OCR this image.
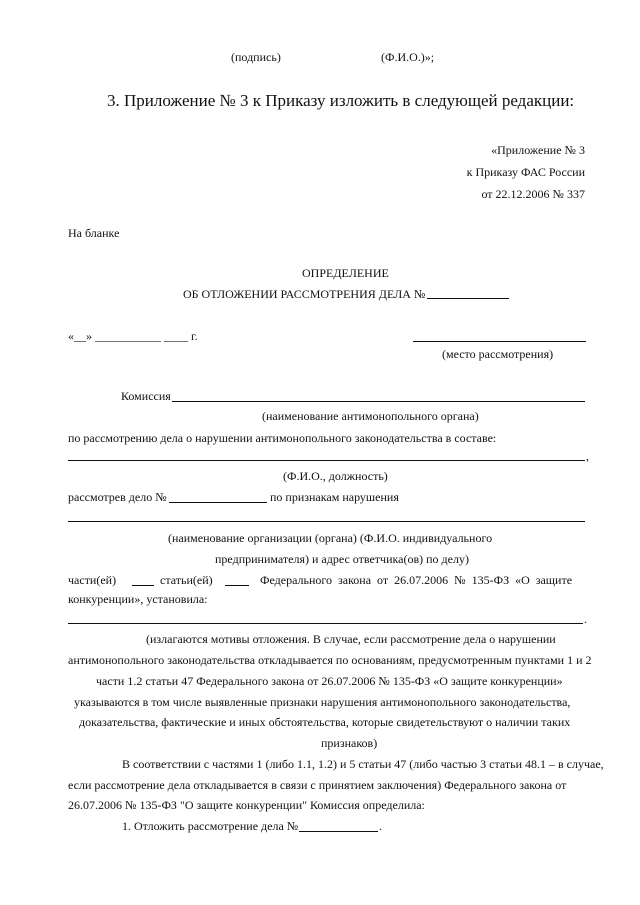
(подпись)	(Ф.И.О.)»;
3. Приложение № 3 к Приказу изложить в следующей редакции:
«Приложение № 3
к Приказу ФАС России
от 22.12.2006 № 337
На бланке
ОПРЕДЕЛЕНИЕ
ОБ ОТЛОЖЕНИИ РАССМОТРЕНИЯ ДЕЛА №
«__» ___________ ____ г.
(место рассмотрения)
Комиссия
(наименование антимонопольного органа)
по рассмотрению дела о нарушении антимонопольного законодательства в составе:
,
(Ф.И.О., должность)
рассмотрев дело №	по признакам нарушения
(наименование организации (органа) (Ф.И.О. индивидуального
предпринимателя) и адрес ответчика(ов) по делу)
части(ей)	статьи(ей)	Федерального закона от 26.07.2006 № 135-ФЗ «О защите
конкуренции», установила:
.
(излагаются мотивы отложения. В случае, если рассмотрение дела о нарушении
антимонопольного законодательства откладывается по основаниям, предусмотренным пунктами 1 и 2
части 1.2 статьи 47 Федерального закона от 26.07.2006 № 135-ФЗ «О защите конкуренции»
указываются в том числе выявленные признаки нарушения антимонопольного законодательства,
доказательства, фактические и иных обстоятельства, которые свидетельствуют о наличии таких
признаков)
В соответствии с частями 1 (либо 1.1, 1.2) и 5 статьи 47 (либо частью 3 статьи 48.1 – в случае,
если рассмотрение дела откладывается в связи с принятием заключения) Федерального закона от
26.07.2006 № 135-ФЗ "О защите конкуренции" Комиссия определила:
1. Отложить рассмотрение дела №	.
